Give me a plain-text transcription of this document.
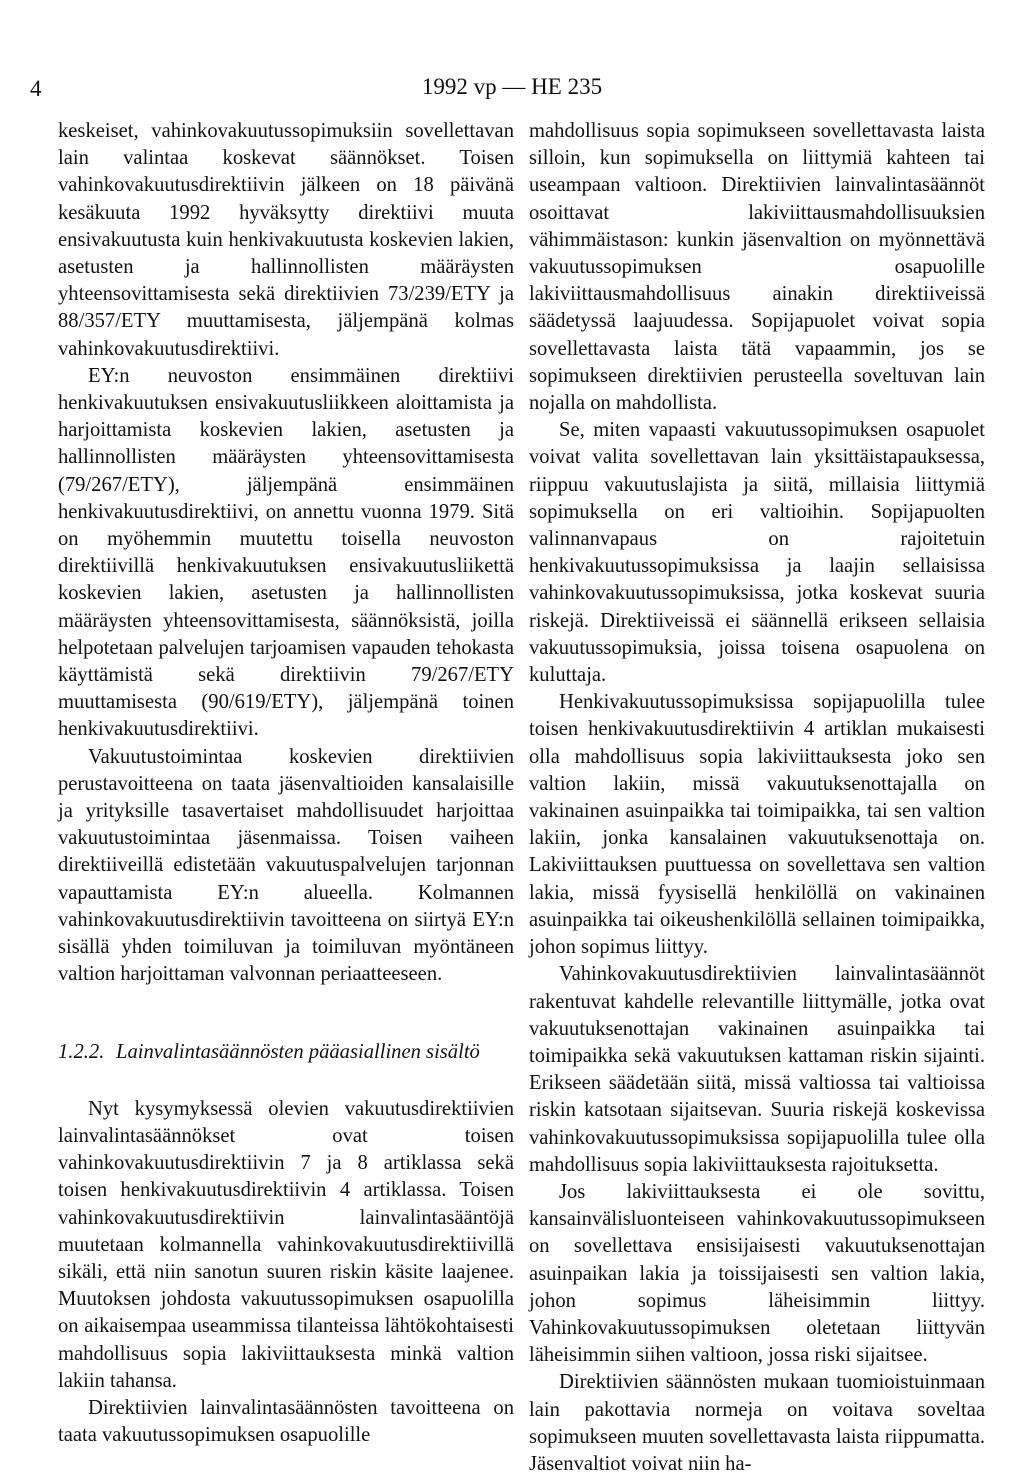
4	1992 vp — HE 235

keskeiset, vahinkovakuutussopimuksiin sovellettavan lain valintaa koskevat säännökset. Toisen vahinkovakuutusdirektiivin jälkeen on 18 päivänä kesäkuuta 1992 hyväksytty direktiivi muuta ensivakuutusta kuin henkivakuutusta koskevien lakien, asetusten ja hallinnollisten määräysten yhteensovittamisesta sekä direktiivien 73/239/ETY ja 88/357/ETY muuttamisesta, jäljempänä kolmas vahinkovakuutusdirektiivi.

EY:n neuvoston ensimmäinen direktiivi henkivakuutuksen ensivakuutusliikkeen aloittamista ja harjoittamista koskevien lakien, asetusten ja hallinnollisten määräysten yhteensovittamisesta (79/267/ETY), jäljempänä ensimmäinen henkivakuutusdirektiivi, on annettu vuonna 1979. Sitä on myöhemmin muutettu toisella neuvoston direktiivillä henkivakuutuksen ensivakuutusliikettä koskevien lakien, asetusten ja hallinnollisten määräysten yhteensovittamisesta, säännöksistä, joilla helpotetaan palvelujen tarjoamisen vapauden tehokasta käyttämistä sekä direktiivin 79/267/ETY muuttamisesta (90/619/ETY), jäljempänä toinen henkivakuutusdirektiivi.

Vakuutustoimintaa koskevien direktiivien perustavoitteena on taata jäsenvaltioiden kansalaisille ja yrityksille tasavertaiset mahdollisuudet harjoittaa vakuutustoimintaa jäsenmaissa. Toisen vaiheen direktiiveillä edistetään vakuutuspalvelujen tarjonnan vapauttamista EY:n alueella. Kolmannen vahinkovakuutusdirektiivin tavoitteena on siirtyä EY:n sisällä yhden toimiluvan ja toimiluvan myöntäneen valtion harjoittaman valvonnan periaatteeseen.

1.2.2. Lainvalintasäännösten pääasiallinen sisältö

Nyt kysymyksessä olevien vakuutusdirektiivien lainvalintasäännökset ovat toisen vahinkovakuutusdirektiivin 7 ja 8 artiklassa sekä toisen henkivakuutusdirektiivin 4 artiklassa. Toisen vahinkovakuutusdirektiivin lainvalintasääntöjä muutetaan kolmannella vahinkovakuutusdirektiivillä sikäli, että niin sanotun suuren riskin käsite laajenee. Muutoksen johdosta vakuutussopimuksen osapuolilla on aikaisempaa useammissa tilanteissa lähtökohtaisesti mahdollisuus sopia lakiviittauksesta minkä valtion lakiin tahansa.

Direktiivien lainvalintasäännösten tavoitteena on taata vakuutussopimuksen osapuolille

mahdollisuus sopia sopimukseen sovellettavasta laista silloin, kun sopimuksella on liittymiä kahteen tai useampaan valtioon. Direktiivien lainvalintasäännöt osoittavat lakiviittausmahdollisuuksien vähimmäistason: kunkin jäsenvaltion on myönnettävä vakuutussopimuksen osapuolille lakiviittausmahdollisuus ainakin direktiiveissä säädetyssä laajuudessa. Sopijapuolet voivat sopia sovellettavasta laista tätä vapaammin, jos se sopimukseen direktiivien perusteella soveltuvan lain nojalla on mahdollista.

Se, miten vapaasti vakuutussopimuksen osapuolet voivat valita sovellettavan lain yksittäistapauksessa, riippuu vakuutuslajista ja siitä, millaisia liittymiä sopimuksella on eri valtioihin. Sopijapuolten valinnanvapaus on rajoitetuin henkivakuutussopimuksissa ja laajin sellaisissa vahinkovakuutussopimuksissa, jotka koskevat suuria riskejä. Direktiiveissä ei säännellä erikseen sellaisia vakuutussopimuksia, joissa toisena osapuolena on kuluttaja.

Henkivakuutussopimuksissa sopijapuolilla tulee toisen henkivakuutusdirektiivin 4 artiklan mukaisesti olla mahdollisuus sopia lakiviittauksesta joko sen valtion lakiin, missä vakuutuksenottajalla on vakinainen asuinpaikka tai toimipaikka, tai sen valtion lakiin, jonka kansalainen vakuutuksenottaja on. Lakiviittauksen puuttuessa on sovellettava sen valtion lakia, missä fyysisellä henkilöllä on vakinainen asuinpaikka tai oikeushenkilöllä sellainen toimipaikka, johon sopimus liittyy.

Vahinkovakuutusdirektiivien lainvalintasäännöt rakentuvat kahdelle relevantille liittymälle, jotka ovat vakuutuksenottajan vakinainen asuinpaikka tai toimipaikka sekä vakuutuksen kattaman riskin sijainti. Erikseen säädetään siitä, missä valtiossa tai valtioissa riskin katsotaan sijaitsevan. Suuria riskejä koskevissa vahinkovakuutussopimuksissa sopijapuolilla tulee olla mahdollisuus sopia lakiviittauksesta rajoituksetta.

Jos lakiviittauksesta ei ole sovittu, kansainvälisluonteiseen vahinkovakuutussopimukseen on sovellettava ensisijaisesti vakuutuksenottajan asuinpaikan lakia ja toissijaisesti sen valtion lakia, johon sopimus läheisimmin liittyy. Vahinkovakuutussopimuksen oletetaan liittyvän läheisimmin siihen valtioon, jossa riski sijaitsee.

Direktiivien säännösten mukaan tuomioistuinmaan lain pakottavia normeja on voitava soveltaa sopimukseen muuten sovellettavasta laista riippumatta. Jäsenvaltiot voivat niin ha-
